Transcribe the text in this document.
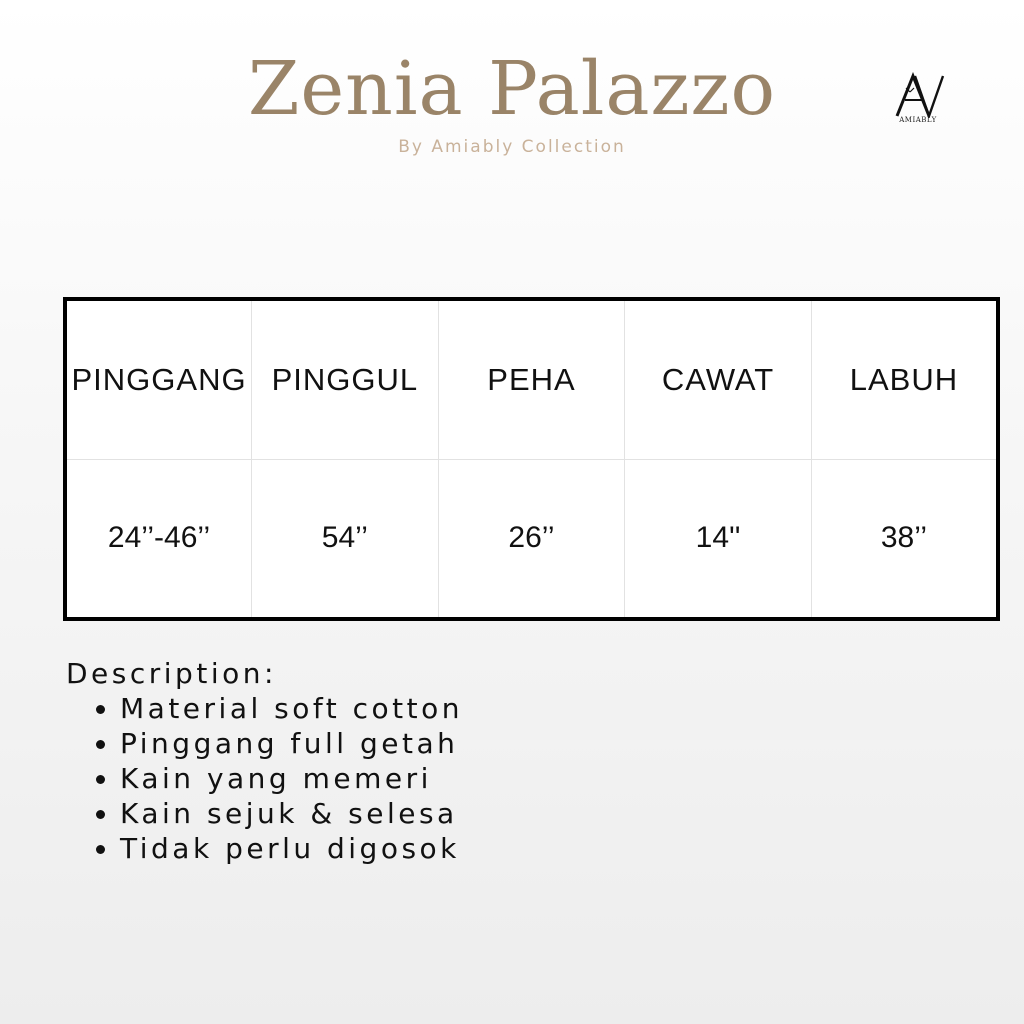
Zenia Palazzo
By Amiably Collection
AMIABLY
PINGGANG	PINGGUL	PEHA	CAWAT	LABUH
24’’-46’’	54’’	26’’	14''	38’’
Description:
Material soft cotton
Pinggang full getah
Kain yang memeri
Kain sejuk & selesa
Tidak perlu digosok
